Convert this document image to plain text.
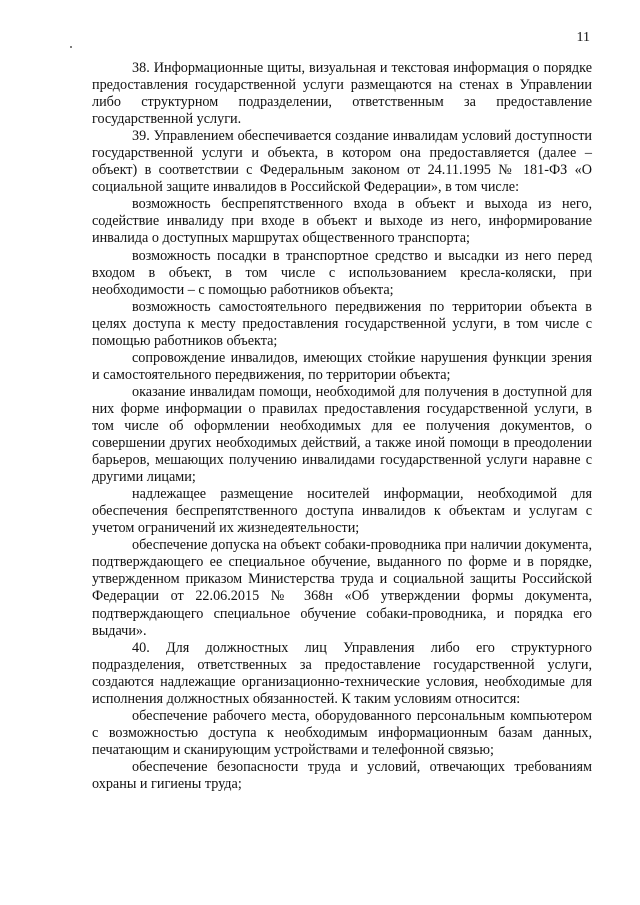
11

38. Информационные щиты, визуальная и текстовая информация о порядке предоставления государственной услуги размещаются на стенах в Управлении либо структурном подразделении, ответственным за предоставление государственной услуги.

39. Управлением обеспечивается создание инвалидам условий доступности государственной услуги и объекта, в котором она предоставляется (далее – объект) в соответствии с Федеральным законом от 24.11.1995 № 181-ФЗ «О социальной защите инвалидов в Российской Федерации», в том числе:

возможность беспрепятственного входа в объект и выхода из него, содействие инвалиду при входе в объект и выходе из него, информирование инвалида о доступных маршрутах общественного транспорта;

возможность посадки в транспортное средство и высадки из него перед входом в объект, в том числе с использованием кресла-коляски, при необходимости – с помощью работников объекта;

возможность самостоятельного передвижения по территории объекта в целях доступа к месту предоставления государственной услуги, в том числе с помощью работников объекта;

сопровождение инвалидов, имеющих стойкие нарушения функции зрения и самостоятельного передвижения, по территории объекта;

оказание инвалидам помощи, необходимой для получения в доступной для них форме информации о правилах предоставления государственной услуги, в том числе об оформлении необходимых для ее получения документов, о совершении других необходимых действий, а также иной помощи в преодолении барьеров, мешающих получению инвалидами государственной услуги наравне с другими лицами;

надлежащее размещение носителей информации, необходимой для обеспечения беспрепятственного доступа инвалидов к объектам и услугам с учетом ограничений их жизнедеятельности;

обеспечение допуска на объект собаки-проводника при наличии документа, подтверждающего ее специальное обучение, выданного по форме и в порядке, утвержденном приказом Министерства труда и социальной защиты Российской Федерации от 22.06.2015 № 368н «Об утверждении формы документа, подтверждающего специальное обучение собаки-проводника, и порядка его выдачи».

40. Для должностных лиц Управления либо его структурного подразделения, ответственных за предоставление государственной услуги, создаются надлежащие организационно-технические условия, необходимые для исполнения должностных обязанностей. К таким условиям относится:

обеспечение рабочего места, оборудованного персональным компьютером с возможностью доступа к необходимым информационным базам данных, печатающим и сканирующим устройствами и телефонной связью;

обеспечение безопасности труда и условий, отвечающих требованиям охраны и гигиены труда;
